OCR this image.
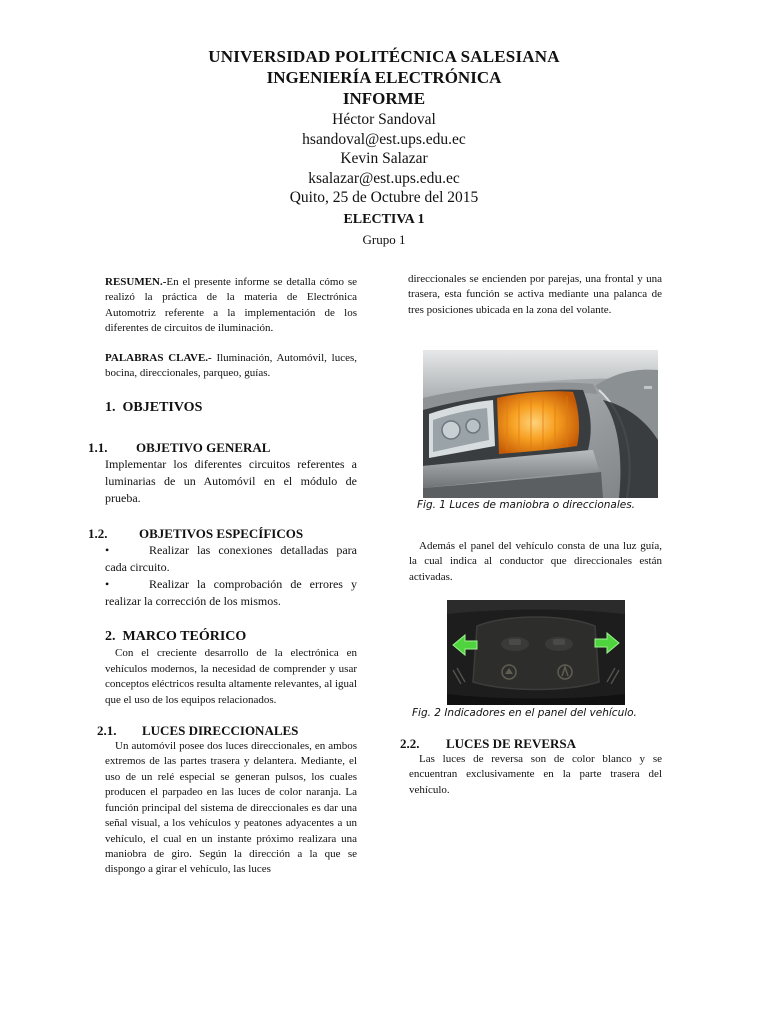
UNIVERSIDAD POLITÉCNICA SALESIANA
INGENIERÍA ELECTRÓNICA
INFORME
Héctor Sandoval
hsandoval@est.ups.edu.ec
Kevin Salazar
ksalazar@est.ups.edu.ec
Quito, 25 de Octubre del 2015
ELECTIVA 1
Grupo 1

RESUMEN.-En el presente informe se detalla cómo se realizó la práctica de la materia de Electrónica Automotriz referente a la implementación de los diferentes de circuitos de iluminación.

PALABRAS CLAVE.- Iluminación, Automóvil, luces, bocina, direccionales, parqueo, guías.

1. OBJETIVOS
1.1.	OBJETIVO GENERAL

Implementar los diferentes circuitos referentes a luminarias de un Automóvil en el módulo de prueba.

1.2.	OBJETIVOS ESPECÍFICOS
•	Realizar las conexiones detalladas para cada circuito.
•	Realizar la comprobación de errores y realizar la corrección de los mismos.
2. MARCO TEÓRICO

Con el creciente desarrollo de la electrónica en vehículos modernos, la necesidad de comprender y usar conceptos eléctricos resulta altamente relevantes, al igual que el uso de los equipos relacionados.

2.1.	LUCES DIRECCIONALES

Un automóvil posee dos luces direccionales, en ambos extremos de las partes trasera y delantera. Mediante, el uso de un relé especial se generan pulsos, los cuales producen el parpadeo en las luces de color naranja. La función principal del sistema de direccionales es dar una señal visual, a los vehículos y peatones adyacentes a un vehículo, el cual en un instante próximo realizara una maniobra de giro. Según la dirección a la que se dispongo a girar el vehículo, las luces

direccionales se encienden por parejas, una frontal y una trasera, esta función se activa mediante una palanca de tres posiciones ubicada en la zona del volante.

Fig. 1 Luces de maniobra o direccionales.

Además el panel del vehículo consta de una luz guía, la cual indica al conductor que direccionales están activadas.

Fig. 2 Indicadores en el panel del vehículo.
2.2.	LUCES DE REVERSA

Las luces de reversa son de color blanco y se encuentran exclusivamente en la parte trasera del vehículo.
